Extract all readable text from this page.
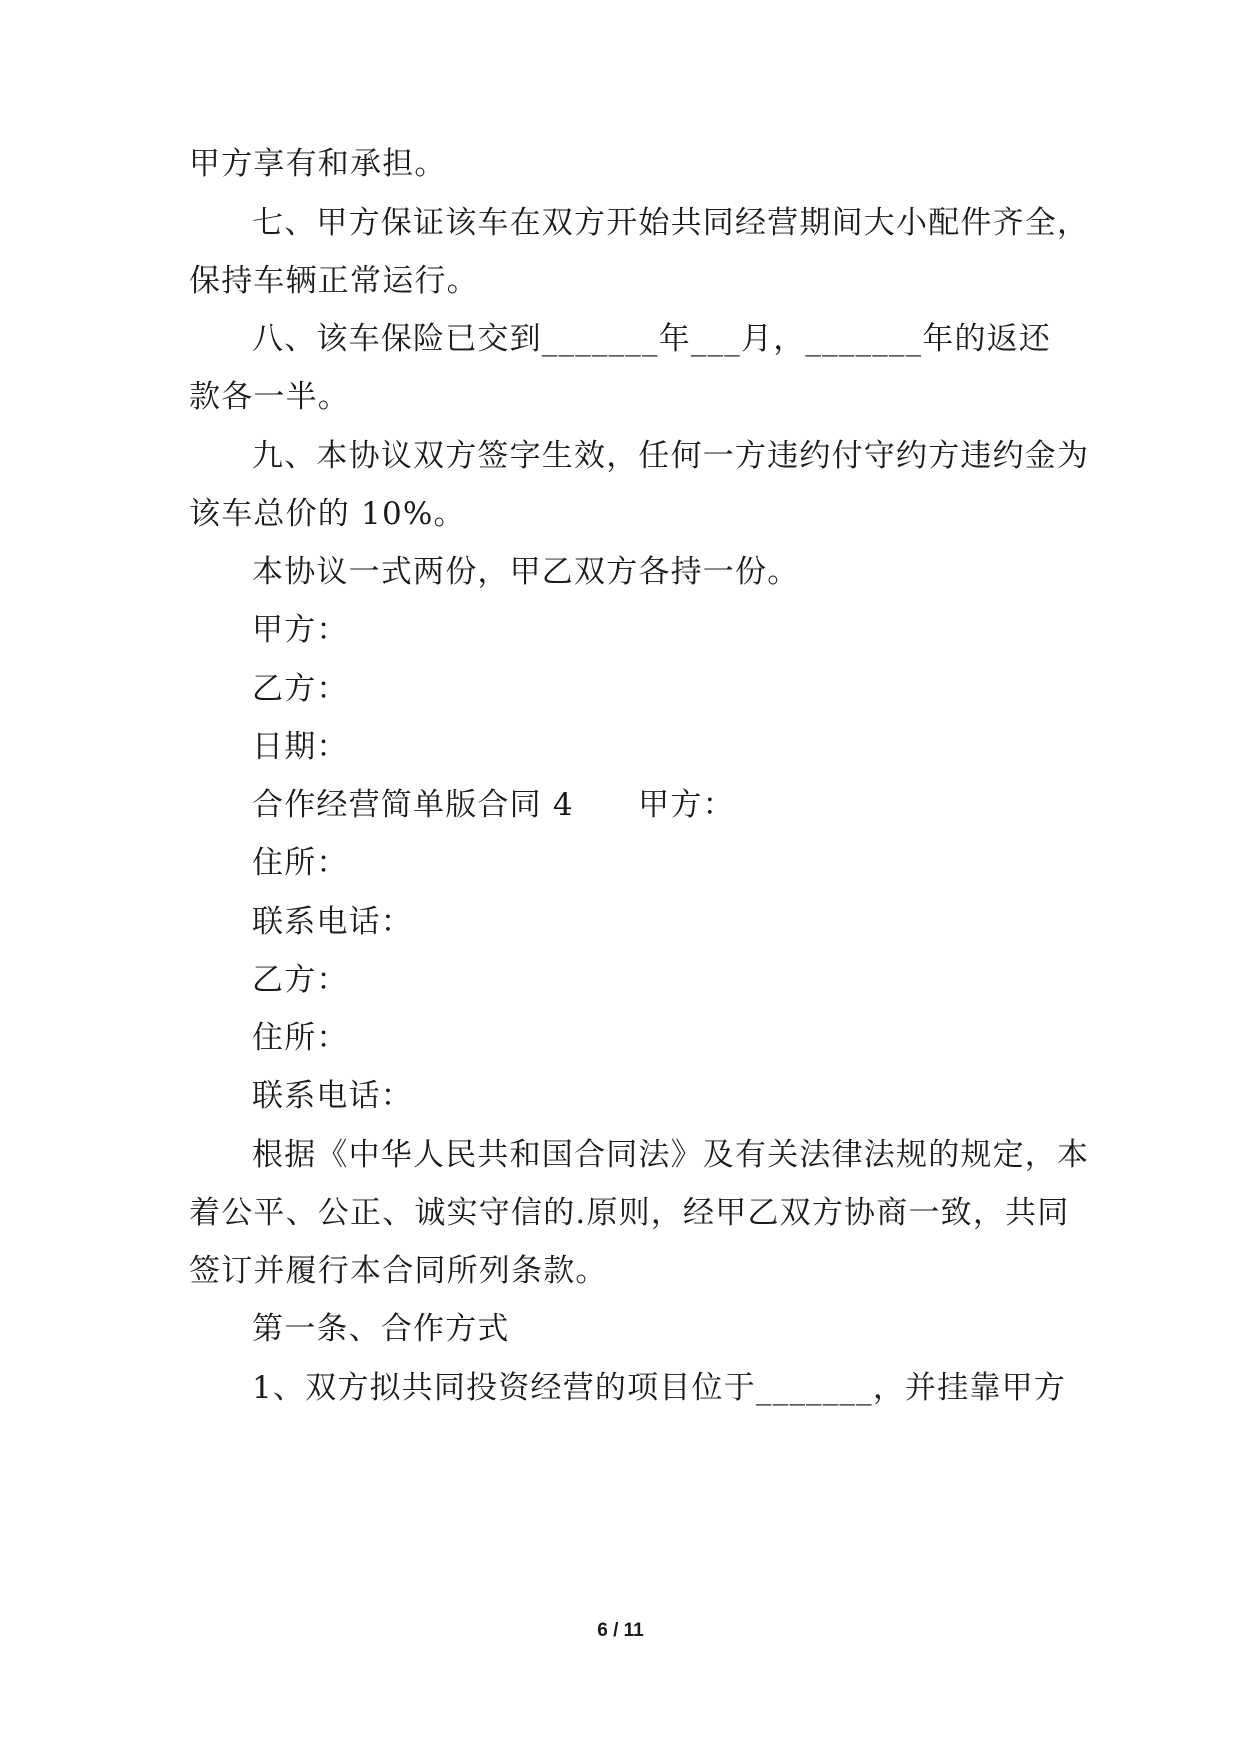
甲方享有和承担。
七、甲方保证该车在双方开始共同经营期间大小配件齐全，
保持车辆正常运行。
八、该车保险已交到_______年___月，_______年的返还
款各一半。
九、本协议双方签字生效，任何一方违约付守约方违约金为
该车总价的 10%。
本协议一式两份，甲乙双方各持一份。
甲方：
乙方：
日期：
合作经营简单版合同 4　　甲方：
住所：
联系电话：
乙方：
住所：
联系电话：
根据《中华人民共和国合同法》及有关法律法规的规定，本
着公平、公正、诚实守信的.原则，经甲乙双方协商一致，共同
签订并履行本合同所列条款。
第一条、合作方式
1、双方拟共同投资经营的项目位于_______，并挂靠甲方
6 / 11
